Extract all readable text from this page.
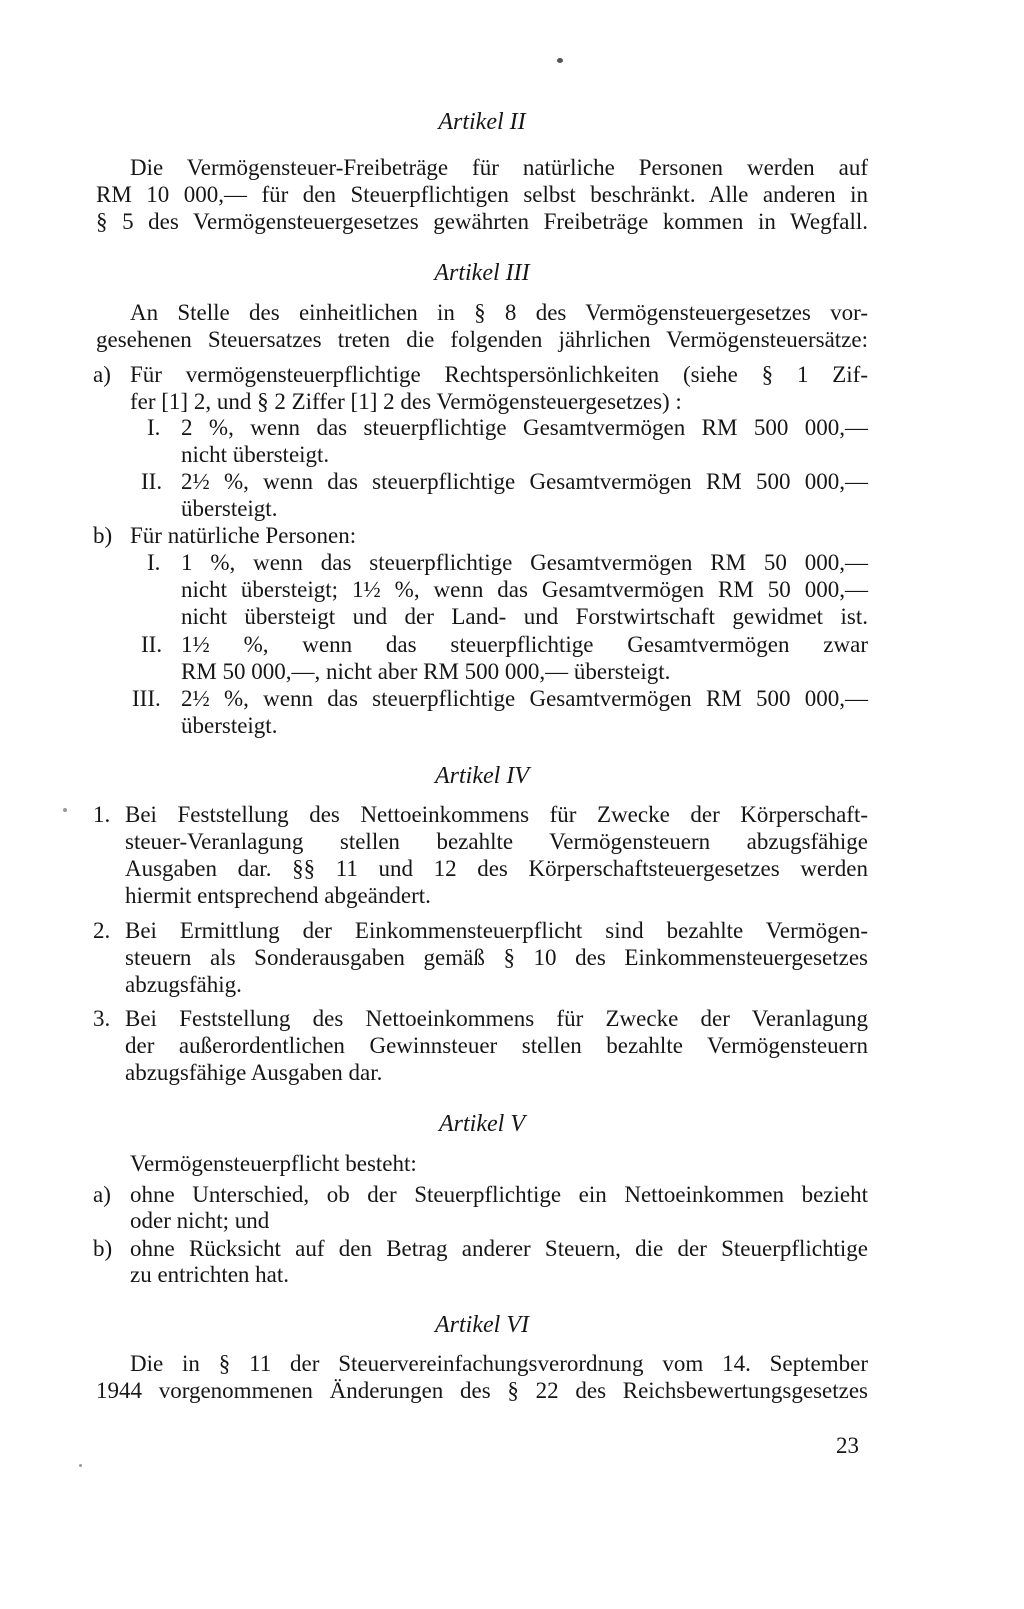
Artikel II
Die Vermögensteuer-Freibeträge für natürliche Personen werden auf
RM 10 000,— für den Steuerpflichtigen selbst beschränkt. Alle anderen in
§ 5 des Vermögensteuergesetzes gewährten Freibeträge kommen in Wegfall.
Artikel III
An Stelle des einheitlichen in § 8 des Vermögensteuergesetzes vor-
gesehenen Steuersatzes treten die folgenden jährlichen Vermögensteuersätze:
a) Für vermögensteuerpflichtige Rechtspersönlichkeiten (siehe § 1 Zif-
fer [1] 2, und § 2 Ziffer [1] 2 des Vermögensteuergesetzes) :
I. 2 %, wenn das steuerpflichtige Gesamtvermögen RM 500 000,—
nicht übersteigt.
II. 2½ %, wenn das steuerpflichtige Gesamtvermögen RM 500 000,—
übersteigt.
b) Für natürliche Personen:
I. 1 %, wenn das steuerpflichtige Gesamtvermögen RM 50 000,—
nicht übersteigt; 1½ %, wenn das Gesamtvermögen RM 50 000,—
nicht übersteigt und der Land- und Forstwirtschaft gewidmet ist.
II. 1½ %, wenn das steuerpflichtige Gesamtvermögen zwar
RM 50 000,—, nicht aber RM 500 000,— übersteigt.
III. 2½ %, wenn das steuerpflichtige Gesamtvermögen RM 500 000,—
übersteigt.
Artikel IV
1. Bei Feststellung des Nettoeinkommens für Zwecke der Körperschaft-
steuer-Veranlagung stellen bezahlte Vermögensteuern abzugsfähige
Ausgaben dar. §§ 11 und 12 des Körperschaftsteuergesetzes werden
hiermit entsprechend abgeändert.
2. Bei Ermittlung der Einkommensteuerpflicht sind bezahlte Vermögen-
steuern als Sonderausgaben gemäß § 10 des Einkommensteuergesetzes
abzugsfähig.
3. Bei Feststellung des Nettoeinkommens für Zwecke der Veranlagung
der außerordentlichen Gewinnsteuer stellen bezahlte Vermögensteuern
abzugsfähige Ausgaben dar.
Artikel V
Vermögensteuerpflicht besteht:
a) ohne Unterschied, ob der Steuerpflichtige ein Nettoeinkommen bezieht
oder nicht; und
b) ohne Rücksicht auf den Betrag anderer Steuern, die der Steuerpflichtige
zu entrichten hat.
Artikel VI
Die in § 11 der Steuervereinfachungsverordnung vom 14. September
1944 vorgenommenen Änderungen des § 22 des Reichsbewertungsgesetzes
23
